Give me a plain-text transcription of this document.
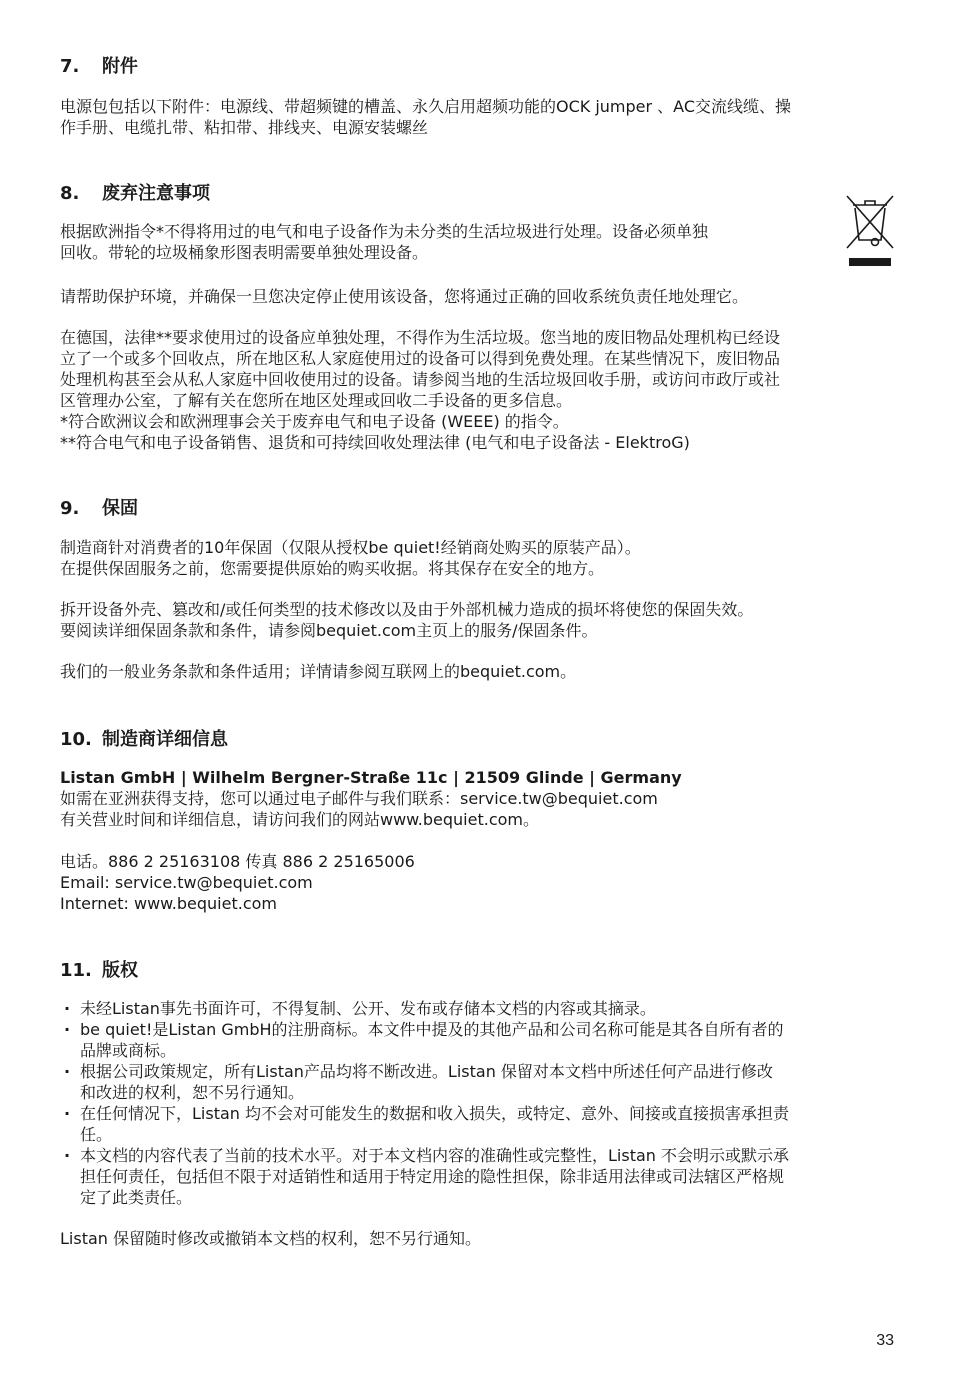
7. 附件
电源包包括以下附件：电源线、带超频键的槽盖、永久启用超频功能的OCK jumper 、AC交流线缆、操
作手册、电缆扎带、粘扣带、排线夹、电源安装螺丝
8. 废弃注意事项
根据欧洲指令*不得将用过的电气和电子设备作为未分类的生活垃圾进行处理。设备必须单独
回收。带轮的垃圾桶象形图表明需要单独处理设备。
请帮助保护环境，并确保一旦您决定停止使用该设备，您将通过正确的回收系统负责任地处理它。
在德国，法律**要求使用过的设备应单独处理，不得作为生活垃圾。您当地的废旧物品处理机构已经设
立了一个或多个回收点，所在地区私人家庭使用过的设备可以得到免费处理。在某些情况下，废旧物品
处理机构甚至会从私人家庭中回收使用过的设备。请参阅当地的生活垃圾回收手册，或访问市政厅或社
区管理办公室，了解有关在您所在地区处理或回收二手设备的更多信息。
*符合欧洲议会和欧洲理事会关于废弃电气和电子设备 (WEEE) 的指令。
**符合电气和电子设备销售、退货和可持续回收处理法律 (电气和电子设备法 - ElektroG)
9. 保固
制造商针对消费者的10年保固（仅限从授权be quiet!经销商处购买的原装产品）。
在提供保固服务之前，您需要提供原始的购买收据。将其保存在安全的地方。
拆开设备外壳、篡改和/或任何类型的技术修改以及由于外部机械力造成的损坏将使您的保固失效。
要阅读详细保固条款和条件，请参阅bequiet.com主页上的服务/保固条件。
我们的一般业务条款和条件适用；详情请参阅互联网上的bequiet.com。
10. 制造商详细信息
Listan GmbH | Wilhelm Bergner-Straße 11c | 21509 Glinde | Germany
如需在亚洲获得支持，您可以通过电子邮件与我们联系：service.tw@bequiet.com
有关营业时间和详细信息，请访问我们的网站www.bequiet.com。
电话。886 2 25163108 传真 886 2 25165006
Email: service.tw@bequiet.com
Internet: www.bequiet.com
11. 版权
· 未经Listan事先书面许可，不得复制、公开、发布或存储本文档的内容或其摘录。
· be quiet!是Listan GmbH的注册商标。本文件中提及的其他产品和公司名称可能是其各自所有者的
品牌或商标。
· 根据公司政策规定，所有Listan产品均将不断改进。Listan 保留对本文档中所述任何产品进行修改
和改进的权利，恕不另行通知。
· 在任何情况下，Listan 均不会对可能发生的数据和收入损失，或特定、意外、间接或直接损害承担责
任。
· 本文档的内容代表了当前的技术水平。对于本文档内容的准确性或完整性，Listan 不会明示或默示承
担任何责任，包括但不限于对适销性和适用于特定用途的隐性担保，除非适用法律或司法辖区严格规
定了此类责任。
Listan 保留随时修改或撤销本文档的权利，恕不另行通知。
33
